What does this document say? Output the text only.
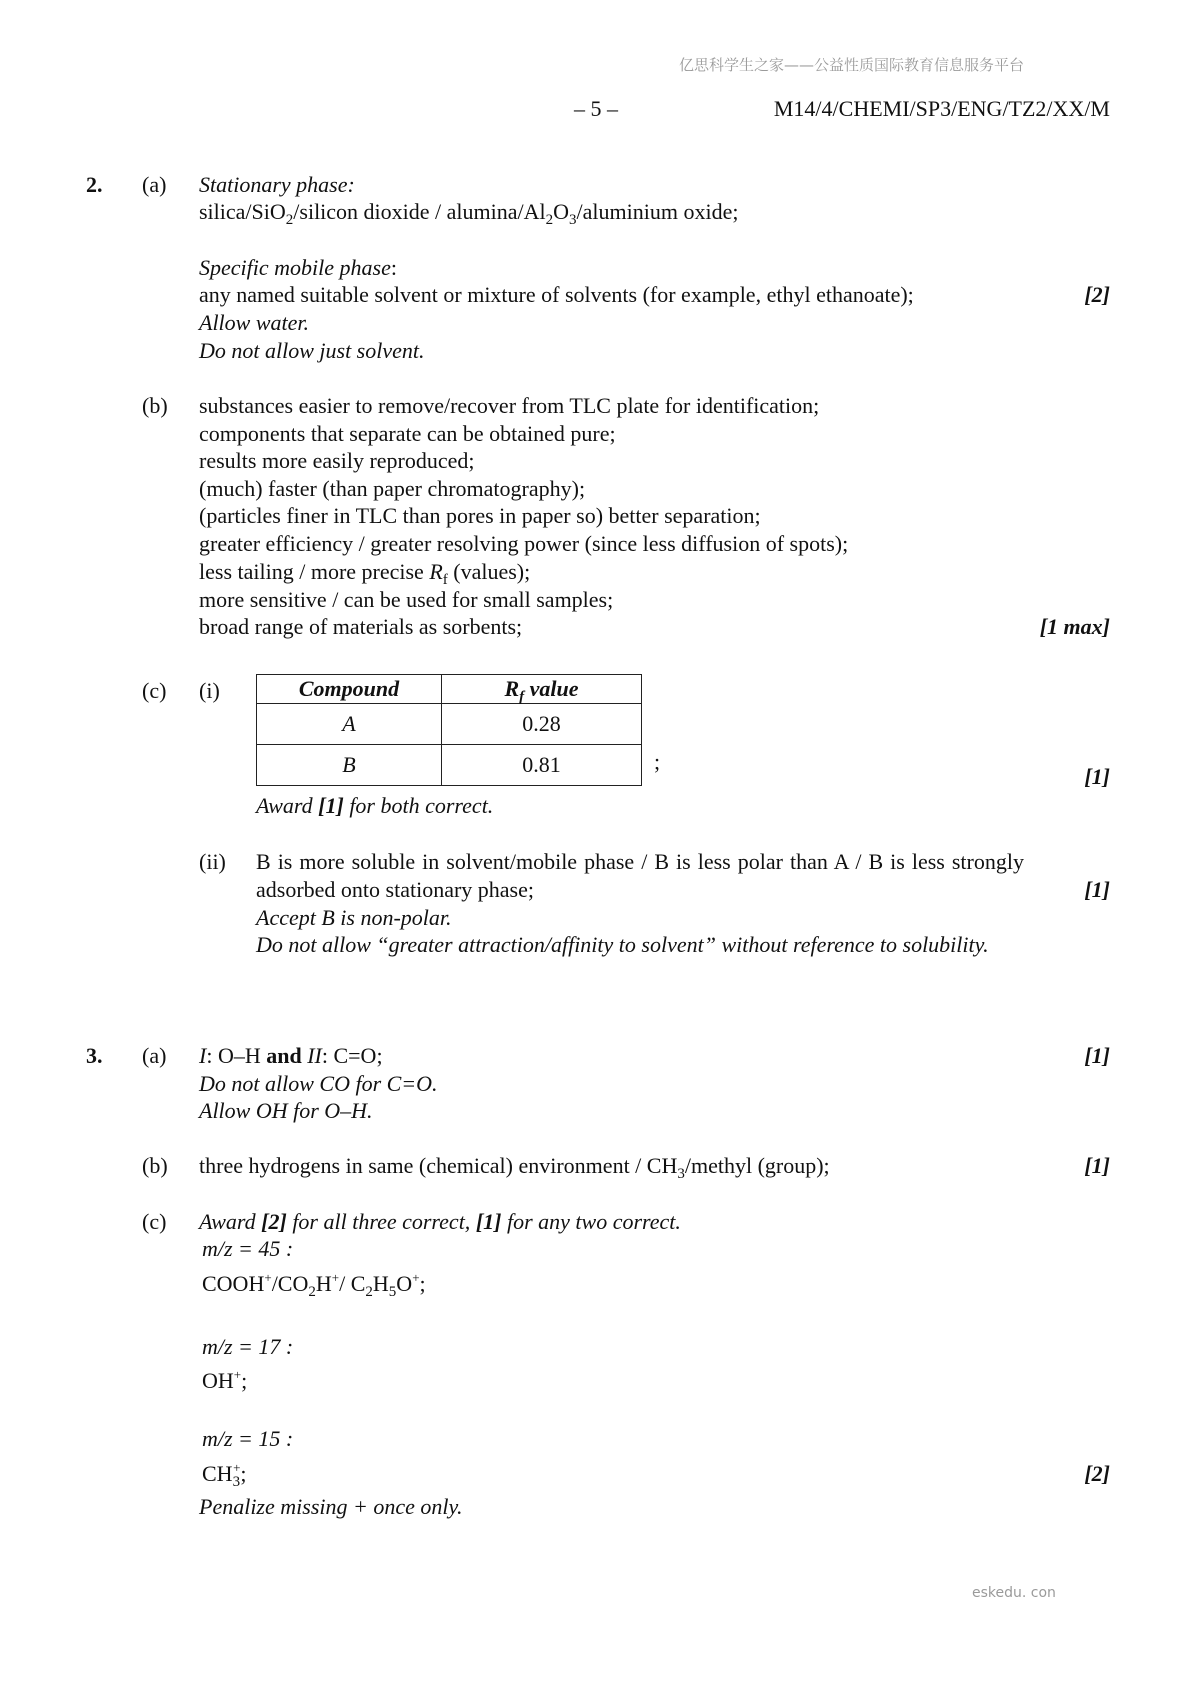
亿思科学生之家——公益性质国际教育信息服务平台
– 5 –	M14/4/CHEMI/SP3/ENG/TZ2/XX/M
2. (a) Stationary phase:
silica/SiO$_2$/silicon dioxide / alumina/$Al_2O_3$/aluminium oxide;
Specific mobile phase:
any named suitable solvent or mixture of solvents (for example, ethyl ethanoate);	[2]
Allow water.
Do not allow just solvent.
(b) substances easier to remove/recover from TLC plate for identification;
components that separate can be obtained pure;
results more easily reproduced;
(much) faster (than paper chromatography);
(particles finer in TLC than pores in paper so) better separation;
greater efficiency / greater resolving power (since less diffusion of spots);
less tailing / more precise $R_f$ (values);
more sensitive / can be used for small samples;
broad range of materials as sorbents;	[1 max]
(c) (i)	Compound	$R_f$ value
A	0.28
B	0.81	;
[1]
Award [1] for both correct.
(ii) B is more soluble in solvent/mobile phase / B is less polar than A / B is less strongly adsorbed onto stationary phase;	[1]
Accept B is non-polar.
Do not allow “greater attraction/affinity to solvent” without reference to solubility.
3. (a) I: O–H and II: C=O;	[1]
Do not allow CO for C=O.
Allow OH for O–H.
(b) three hydrogens in same (chemical) environment / $CH_3$/methyl (group);	[1]
(c) Award [2] for all three correct, [1] for any two correct.
m/z = 45 :
$COOH^+/CO_2H^+/$ $C_2H_5O^+$;
m/z = 17 :
OH+;
m/z = 15 :
$CH_3^+$;	[2]
Penalize missing + once only.
eskedu. con
